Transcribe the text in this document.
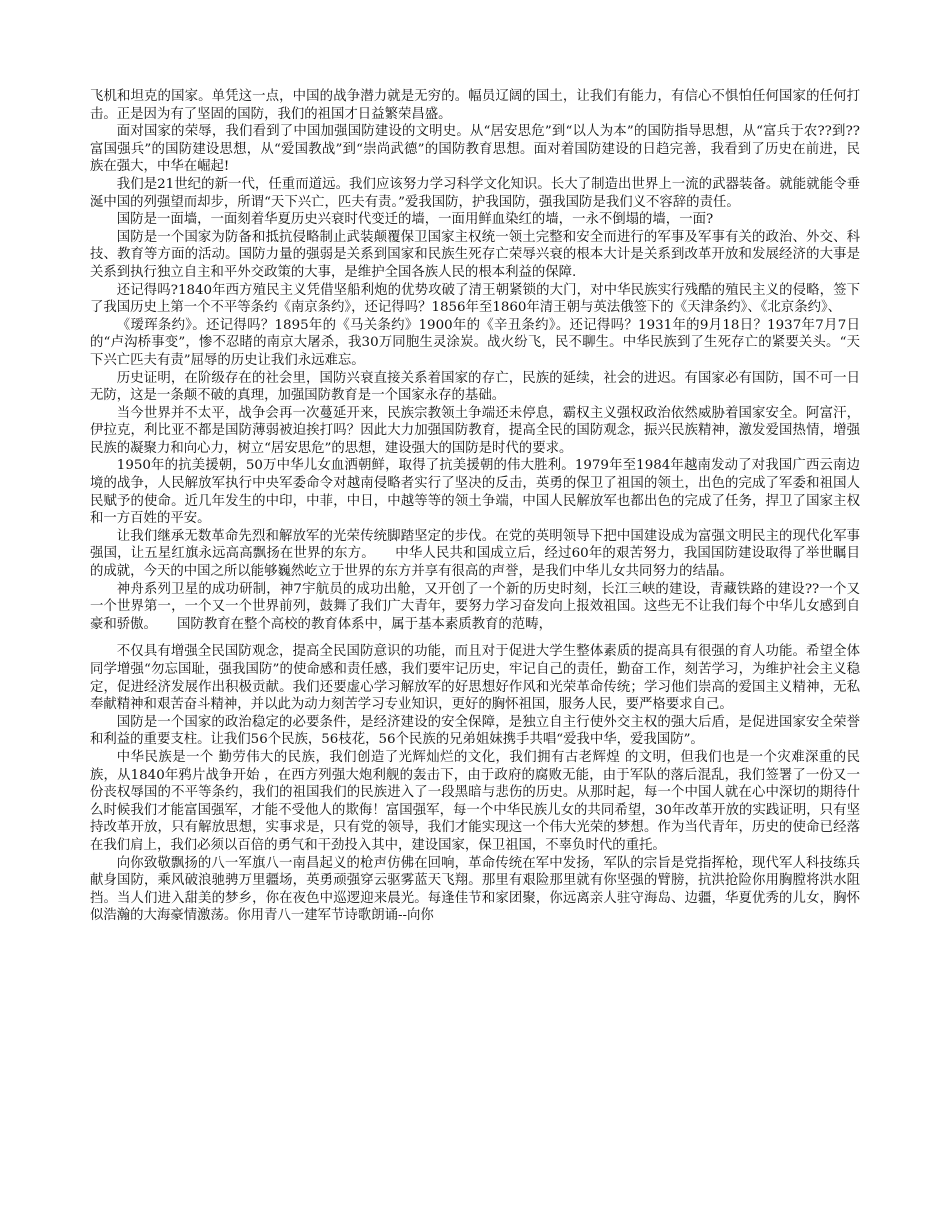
飞机和坦克的国家。单凭这一点，中国的战争潜力就是无穷的。幅员辽阔的国土，让我们有能力，有信心不惧怕任何国家的任何打击。正是因为有了坚固的国防，我们的祖国才日益繁荣昌盛。

面对国家的荣辱，我们看到了中国加强国防建设的文明史。从“居安思危”到“以人为本”的国防指导思想，从“富兵于农??到??富国强兵”的国防建设思想，从“爱国教战”到“崇尚武德”的国防教育思想。面对着国防建设的日趋完善，我看到了历史在前进，民族在强大，中华在崛起!

我们是21世纪的新一代，任重而道远。我们应该努力学习科学文化知识。长大了制造出世界上一流的武器装备。就能就能令垂涎中国的列强望而却步，所谓“天下兴亡，匹夫有责。”爱我国防，护我国防，强我国防是我们义不容辞的责任。

国防是一面墙，一面刻着华夏历史兴衰时代变迁的墙，一面用鲜血染红的墙，一永不倒塌的墙，一面?

国防是一个国家为防备和抵抗侵略制止武装颠覆保卫国家主权统一领土完整和安全而进行的军事及军事有关的政治、外交、科技、教育等方面的活动。国防力量的强弱是关系到国家和民族生死存亡荣辱兴衰的根本大计是关系到改革开放和发展经济的大事是关系到执行独立自主和平外交政策的大事，是维护全国各族人民的根本利益的保障.

还记得吗?1840年西方殖民主义凭借坚船利炮的优势攻破了清王朝紧锁的大门，对中华民族实行残酷的殖民主义的侵略，签下了我国历史上第一个不平等条约《南京条约》，还记得吗？1856年至1860年清王朝与英法俄签下的《天津条约》、《北京条约》、

《瑷珲条约》。还记得吗？1895年的《马关条约》1900年的《辛丑条约》。还记得吗？1931年的9月18日？1937年7月7日的“卢沟桥事变”，惨不忍睹的南京大屠杀，我30万同胞生灵涂炭。战火纷飞，民不聊生。中华民族到了生死存亡的紧要关头。“天下兴亡匹夫有责”屈辱的历史让我们永远难忘。

历史证明，在阶级存在的社会里，国防兴衰直接关系着国家的存亡，民族的延续，社会的进迟。有国家必有国防，国不可一日无防，这是一条颠不破的真理，加强国防教育是一个国家永存的基础。

当今世界并不太平，战争会再一次蔓延开来，民族宗教领土争端还未停息，霸权主义强权政治依然威胁着国家安全。阿富汗，伊拉克，利比亚不都是国防薄弱被迫挨打吗？因此大力加强国防教育，提高全民的国防观念，振兴民族精神，激发爱国热情，增强民族的凝聚力和向心力，树立“居安思危”的思想，建设强大的国防是时代的要求。

1950年的抗美援朝，50万中华儿女血洒朝鲜，取得了抗美援朝的伟大胜利。1979年至1984年越南发动了对我国广西云南边境的战争，人民解放军执行中央军委命令对越南侵略者实行了坚决的反击，英勇的保卫了祖国的领土，出色的完成了军委和祖国人民赋予的使命。近几年发生的中印，中菲，中日，中越等等的领土争端，中国人民解放军也都出色的完成了任务，捍卫了国家主权和一方百姓的平安。

让我们继承无数革命先烈和解放军的光荣传统脚踏坚定的步伐。在党的英明领导下把中国建设成为富强文明民主的现代化军事强国，让五星红旗永远高高飘扬在世界的东方。　　中华人民共和国成立后，经过60年的艰苦努力，我国国防建设取得了举世瞩目的成就，今天的中国之所以能够巍然屹立于世界的东方并享有很高的声誉，是我们中华儿女共同努力的结晶。

神舟系列卫星的成功研制，神7宇航员的成功出舱，又开创了一个新的历史时刻，长江三峡的建设，青藏铁路的建设??一个又一个世界第一，一个又一个世界前列，鼓舞了我们广大青年，要努力学习奋发向上报效祖国。这些无不让我们每个中华儿女感到自豪和骄傲。　　国防教育在整个高校的教育体系中，属于基本素质教育的范畴，

不仅具有增强全民国防观念，提高全民国防意识的功能，而且对于促进大学生整体素质的提高具有很强的育人功能。希望全体同学增强“勿忘国耻，强我国防”的使命感和责任感，我们要牢记历史，牢记自己的责任，勤奋工作，刻苦学习，为维护社会主义稳定，促进经济发展作出积极贡献。我们还要虚心学习解放军的好思想好作风和光荣革命传统；学习他们崇高的爱国主义精神，无私奉献精神和艰苦奋斗精神，并以此为动力刻苦学习专业知识，更好的胸怀祖国，服务人民，要严格要求自己。

国防是一个国家的政治稳定的必要条件，是经济建设的安全保障，是独立自主行使外交主权的强大后盾，是促进国家安全荣誉和利益的重要支柱。让我们56个民族，56枝花，56个民族的兄弟姐妹携手共唱“爱我中华，爱我国防”。

中华民族是一个 勤劳伟大的民族，我们创造了光辉灿烂的文化，我们拥有古老辉煌 的文明，但我们也是一个灾难深重的民族，从1840年鸦片战争开始 ，在西方列强大炮利舰的轰击下，由于政府的腐败无能，由于军队的落后混乱，我们签署了一份又一份丧权辱国的不平等条约，我们的祖国我们的民族进入了一段黑暗与悲伤的历史。从那时起，每一个中国人就在心中深切的期待什么时候我们才能富国强军，才能不受他人的欺侮！富国强军，每一个中华民族儿女的共同希望，30年改革开放的实践证明，只有坚持改革开放，只有解放思想，实事求是，只有党的领导，我们才能实现这一个伟大光荣的梦想。作为当代青年，历史的使命已经落在我们肩上，我们必须以百倍的勇气和干劲投入其中，建设国家，保卫祖国，不辜负时代的重托。

向你致敬飘扬的八一军旗八一南昌起义的枪声仿佛在回响，革命传统在军中发扬，军队的宗旨是党指挥枪，现代军人科技练兵献身国防，乘风破浪驰骋万里疆场，英勇顽强穿云驱雾蓝天飞翔。那里有艰险那里就有你坚强的臂膀，抗洪抢险你用胸膛将洪水阻挡。当人们进入甜美的梦乡，你在夜色中巡逻迎来晨光。每逢佳节和家团聚，你远离亲人驻守海岛、边疆，华夏优秀的儿女，胸怀似浩瀚的大海豪情激荡。你用青八一建军节诗歌朗诵--向你
